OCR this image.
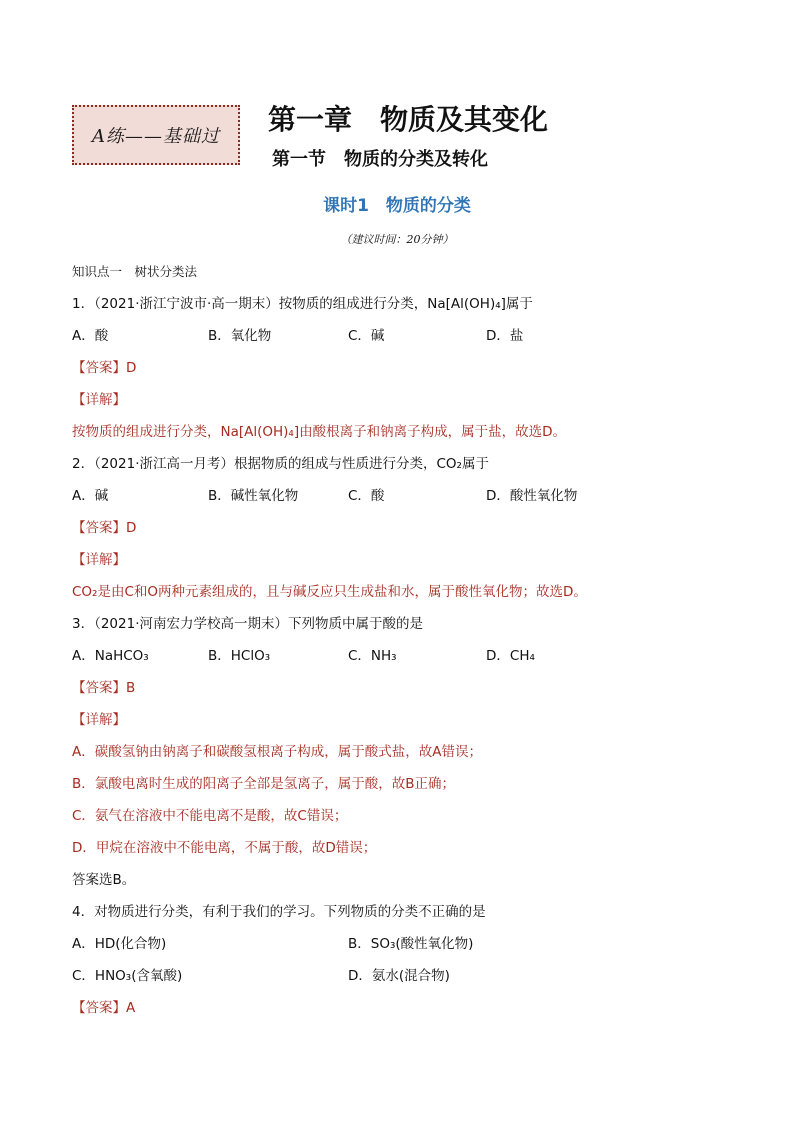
A练——基础过
第一章　物质及其变化
第一节　物质的分类及转化
课时1　物质的分类
（建议时间：20分钟）
知识点一　树状分类法
1．（2021·浙江宁波市·高一期末）按物质的组成进行分类，Na[Al(OH)₄]属于
A．酸	B．氧化物	C．碱	D．盐
【答案】D
【详解】
按物质的组成进行分类，Na[Al(OH)₄]由酸根离子和钠离子构成，属于盐，故选D。
2．（2021·浙江高一月考）根据物质的组成与性质进行分类，CO₂属于
A．碱	B．碱性氧化物	C．酸	D．酸性氧化物
【答案】D
【详解】
CO₂是由C和O两种元素组成的，且与碱反应只生成盐和水，属于酸性氧化物；故选D。
3．（2021·河南宏力学校高一期末）下列物质中属于酸的是
A．NaHCO₃	B．HClO₃	C．NH₃	D．CH₄
【答案】B
【详解】
A．碳酸氢钠由钠离子和碳酸氢根离子构成，属于酸式盐，故A错误；
B．氯酸电离时生成的阳离子全部是氢离子，属于酸，故B正确；
C．氨气在溶液中不能电离不是酸，故C错误；
D．甲烷在溶液中不能电离，不属于酸，故D错误；
答案选B。
4．对物质进行分类，有利于我们的学习。下列物质的分类不正确的是
A．HD(化合物)	B．SO₃(酸性氧化物)
C．HNO₃(含氧酸)	D．氨水(混合物)
【答案】A
